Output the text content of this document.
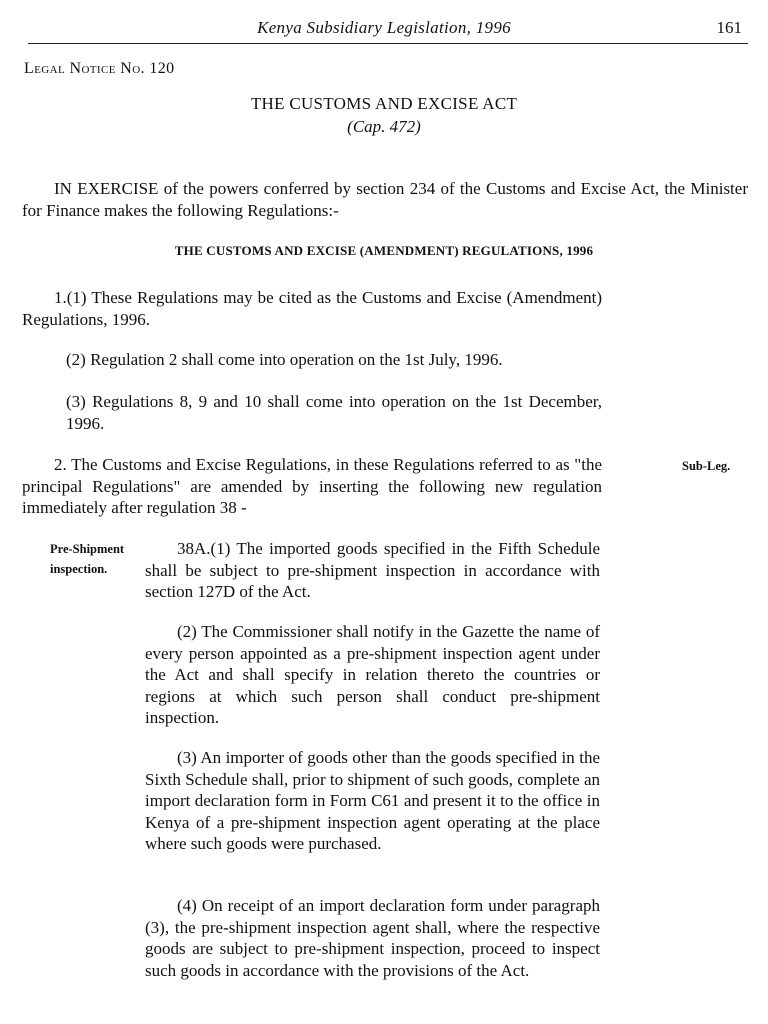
Kenya Subsidiary Legislation, 1996	161
Legal Notice No. 120
THE CUSTOMS AND EXCISE ACT
(Cap. 472)

IN EXERCISE of the powers conferred by section 234 of the Customs and Excise Act, the Minister for Finance makes the following Regulations:-

THE CUSTOMS AND EXCISE (AMENDMENT) REGULATIONS, 1996

1.(1) These Regulations may be cited as the Customs and Excise (Amendment) Regulations, 1996.

(2) Regulation 2 shall come into operation on the 1st July, 1996.

(3) Regulations 8, 9 and 10 shall come into operation on the 1st December, 1996.

2. The Customs and Excise Regulations, in these Regulations referred to as "the principal Regulations" are amended by inserting the following new regulation immediately after regulation 38 -

Sub-Leg.
Pre-Shipment inspection.

38A.(1) The imported goods specified in the Fifth Schedule shall be subject to pre-shipment inspection in accordance with section 127D of the Act.

(2) The Commissioner shall notify in the Gazette the name of every person appointed as a pre-shipment inspection agent under the Act and shall specify in relation thereto the countries or regions at which such person shall conduct pre-shipment inspection.

(3) An importer of goods other than the goods specified in the Sixth Schedule shall, prior to shipment of such goods, complete an import declaration form in Form C61 and present it to the office in Kenya of a pre-shipment inspection agent operating at the place where such goods were purchased.

(4) On receipt of an import declaration form under paragraph (3), the pre-shipment inspection agent shall, where the respective goods are subject to pre-shipment inspection, proceed to inspect such goods in accordance with the provisions of the Act.
